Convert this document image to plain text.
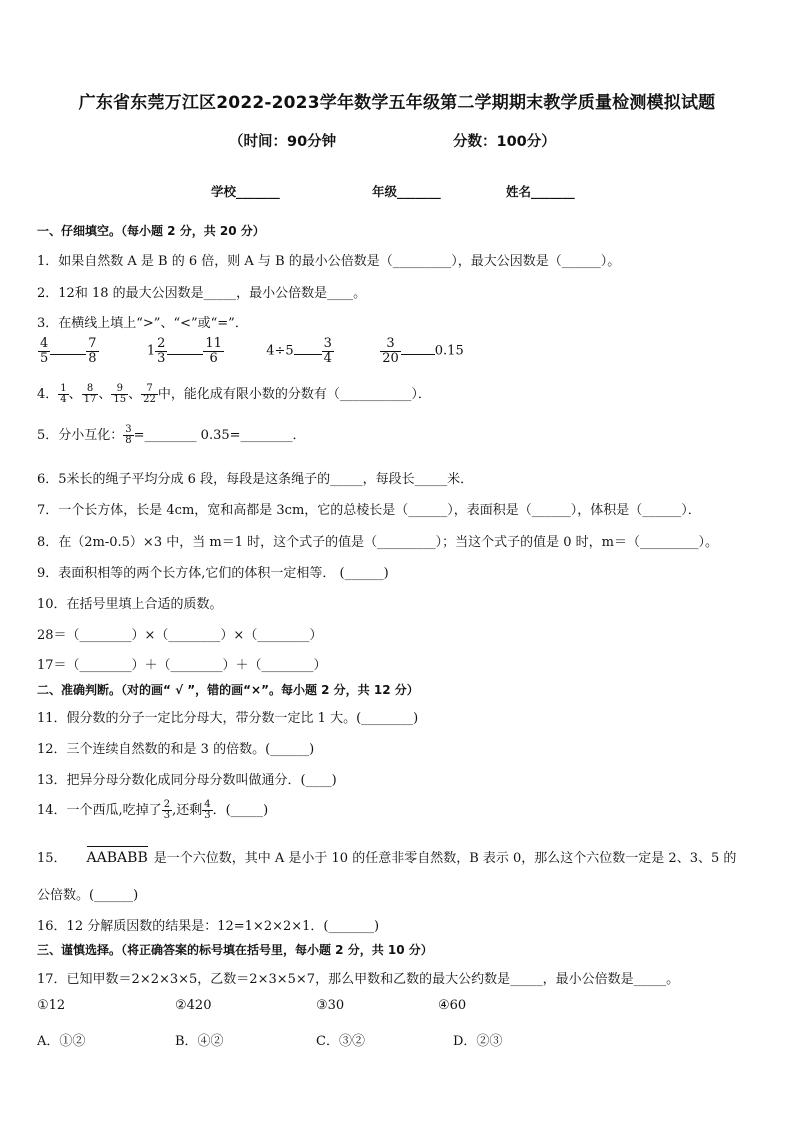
广东省东莞万江区2022-2023学年数学五年级第二学期期末教学质量检测模拟试题
（时间：90分钟	分数：100分）
学校_______	年级_______	姓名_______
一、仔细填空。（每小题 2 分，共 20 分）
1．如果自然数 A 是 B 的 6 倍，则 A 与 B 的最小公倍数是（_________），最大公因数是（______）。
2．12和 18 的最大公因数是_____，最小公倍数是____。
3．在横线上填上“>”、“<”或“=”．
$\frac{4}{5}$	$\frac{7}{8}$	$1 \frac{2}{3}$	$\frac{11}{6}$	$4\div 5 \frac{3}{4}$
	$\frac{3}{20}$	0.15
4． $\frac{1}{4}$ 、 $\frac{8}{17}$ 、 $\frac{9}{15}$ 、 $\frac{7}{22}$ 中，能化成有限小数的分数有（___________）．
5．分小互化： $\frac{3}{8}$ =________ 0.35=________．
6．5米长的绳子平均分成 6 段，每段是这条绳子的_____，每段长_____米．
7．一个长方体，长是 4cm，宽和高都是 3cm，它的总棱长是（______），表面积是（______），体积是（______）．
8．在（2m-0.5）×3 中，当 m＝1 时，这个式子的值是（_________）；当这个式子的值是 0 时，m＝（_________）。
9．表面积相等的两个长方体,它们的体积一定相等． (______)
10．在括号里填上合适的质数。
28＝（________）×（________）×（________）
17＝（________）＋（________）＋（________）
二、准确判断。（对的画“ √ ”，错的画“×”。每小题 2 分，共 12 分）
11．假分数的分子一定比分母大，带分数一定比 1 大。(________)
12．三个连续自然数的和是 3 的倍数。(______)
13．把异分母分数化成同分母分数叫做通分．(____)
14．一个西瓜,吃掉了 $\frac{2}{3}$ ,还剩 $\frac{4}{3}$ ．(_____)
15． AABABB 是一个六位数，其中 A 是小于 10 的任意非零自然数，B 表示 0，那么这个六位数一定是 2、3、5 的
公倍数。(______)
16．12 分解质因数的结果是：12=1×2×2×1．(_______)
三、谨慎选择。（将正确答案的标号填在括号里，每小题 2 分，共 10 分）
17．已知甲数＝2×2×3×5，乙数＝2×3×5×7，那么甲数和乙数的最大公约数是_____，最小公倍数是_____。
①12	②420	③30	④60
A．①②	B．④②	C．③②	D．②③
